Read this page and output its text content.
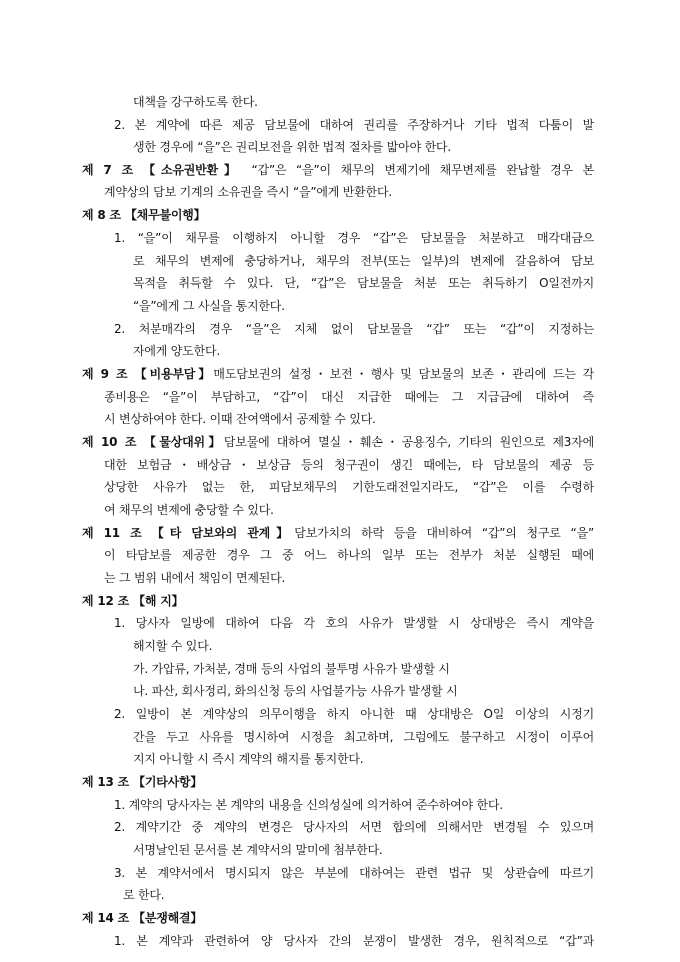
대책을 강구하도록 한다.
2. 본 계약에 따른 제공 담보물에 대하여 권리를 주장하거나 기타 법적 다툼이 발
생한 경우에 “을”은 권리보전을 위한 법적 절차를 밟아야 한다.
제 7 조 【소유권반환】 “갑”은 “을”이 채무의 변제기에 채무변제를 완납할 경우 본
계약상의 담보 기계의 소유권을 즉시 “을”에게 반환한다.
제 8 조 【채무불이행】
1. “을”이 채무를 이행하지 아니할 경우 “갑”은 담보물을 처분하고 매각대금으
로 채무의 변제에 충당하거나, 채무의 전부(또는 일부)의 변제에 갈음하여 담보
목적을 취득할 수 있다. 단, “갑”은 담보물을 처분 또는 취득하기 O일전까지
“을”에게 그 사실을 통지한다.
2. 처분매각의 경우 “을”은 지체 없이 담보물을 “갑” 또는 “갑”이 지정하는
자에게 양도한다.
제 9 조 【비용부담】매도담보권의 설정・보전・행사 및 담보물의 보존・관리에 드는 각
종비용은 “을”이 부담하고, “갑”이 대신 지급한 때에는 그 지급금에 대하여 즉
시 변상하여야 한다. 이때 잔여액에서 공제할 수 있다.
제 10 조 【물상대위】담보물에 대하여 멸실・훼손・공용징수, 기타의 원인으로 제3자에
대한 보험금・배상금・보상금 등의 청구권이 생긴 때에는, 타 담보물의 제공 등
상당한 사유가 없는 한, 피담보채무의 기한도래전일지라도, “갑”은 이를 수령하
여 채무의 변제에 충당할 수 있다.
제 11 조 【타 담보와의 관계】담보가치의 하락 등을 대비하여 “갑”의 청구로 “을”
이 타담보를 제공한 경우 그 중 어느 하나의 일부 또는 전부가 처분 실행된 때에
는 그 범위 내에서 책임이 면제된다.
제 12 조 【해 지】
1. 당사자 일방에 대하여 다음 각 호의 사유가 발생할 시 상대방은 즉시 계약을
해지할 수 있다.
가. 가압류, 가처분, 경매 등의 사업의 불투명 사유가 발생할 시
나. 파산, 회사정리, 화의신청 등의 사업불가능 사유가 발생할 시
2. 일방이 본 계약상의 의무이행을 하지 아니한 때 상대방은 O일 이상의 시정기
간을 두고 사유를 명시하여 시정을 최고하며, 그럼에도 불구하고 시정이 이루어
지지 아니할 시 즉시 계약의 해지를 통지한다.
제 13 조 【기타사항】
1. 계약의 당사자는 본 계약의 내용을 신의성실에 의거하여 준수하여야 한다.
2. 계약기간 중 계약의 변경은 당사자의 서면 합의에 의해서만 변경될 수 있으며
서명날인된 문서를 본 계약서의 말미에 첨부한다.
3. 본 계약서에서 명시되지 않은 부분에 대하여는 관련 법규 및 상관습에 따르기
로 한다.
제 14 조 【분쟁해결】
1. 본 계약과 관련하여 양 당사자 간의 분쟁이 발생한 경우, 원칙적으로 “갑”과
